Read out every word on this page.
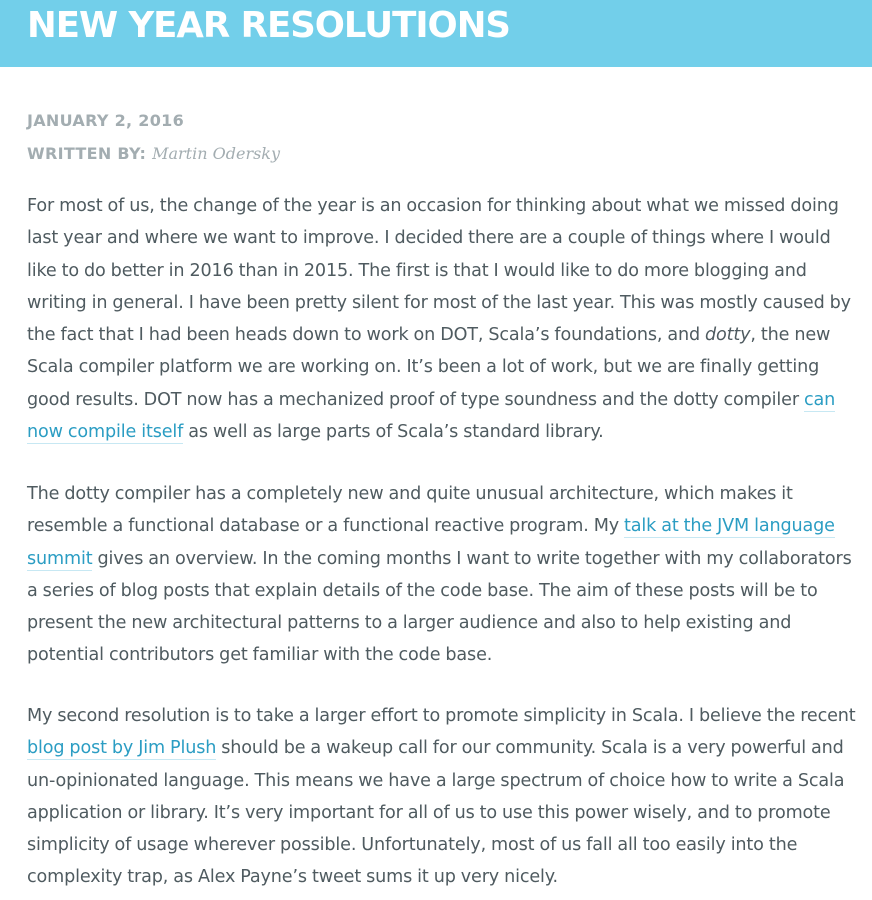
NEW YEAR RESOLUTIONS
JANUARY 2, 2016
WRITTEN BY: Martin Odersky

For most of us, the change of the year is an occasion for thinking about what we missed doing last year and where we want to improve. I decided there are a couple of things where I would like to do better in 2016 than in 2015. The first is that I would like to do more blogging and writing in general. I have been pretty silent for most of the last year. This was mostly caused by the fact that I had been heads down to work on DOT, Scala’s foundations, and dotty, the new Scala compiler platform we are working on. It’s been a lot of work, but we are finally getting good results. DOT now has a mechanized proof of type soundness and the dotty compiler can now compile itself as well as large parts of Scala’s standard library.

The dotty compiler has a completely new and quite unusual architecture, which makes it resemble a functional database or a functional reactive program. My talk at the JVM language summit gives an overview. In the coming months I want to write together with my collaborators a series of blog posts that explain details of the code base. The aim of these posts will be to present the new architectural patterns to a larger audience and also to help existing and potential contributors get familiar with the code base.

My second resolution is to take a larger effort to promote simplicity in Scala. I believe the recent blog post by Jim Plush should be a wakeup call for our community. Scala is a very powerful and un-opinionated language. This means we have a large spectrum of choice how to write a Scala application or library. It’s very important for all of us to use this power wisely, and to promote simplicity of usage wherever possible. Unfortunately, most of us fall all too easily into the complexity trap, as Alex Payne’s tweet sums it up very nicely.
